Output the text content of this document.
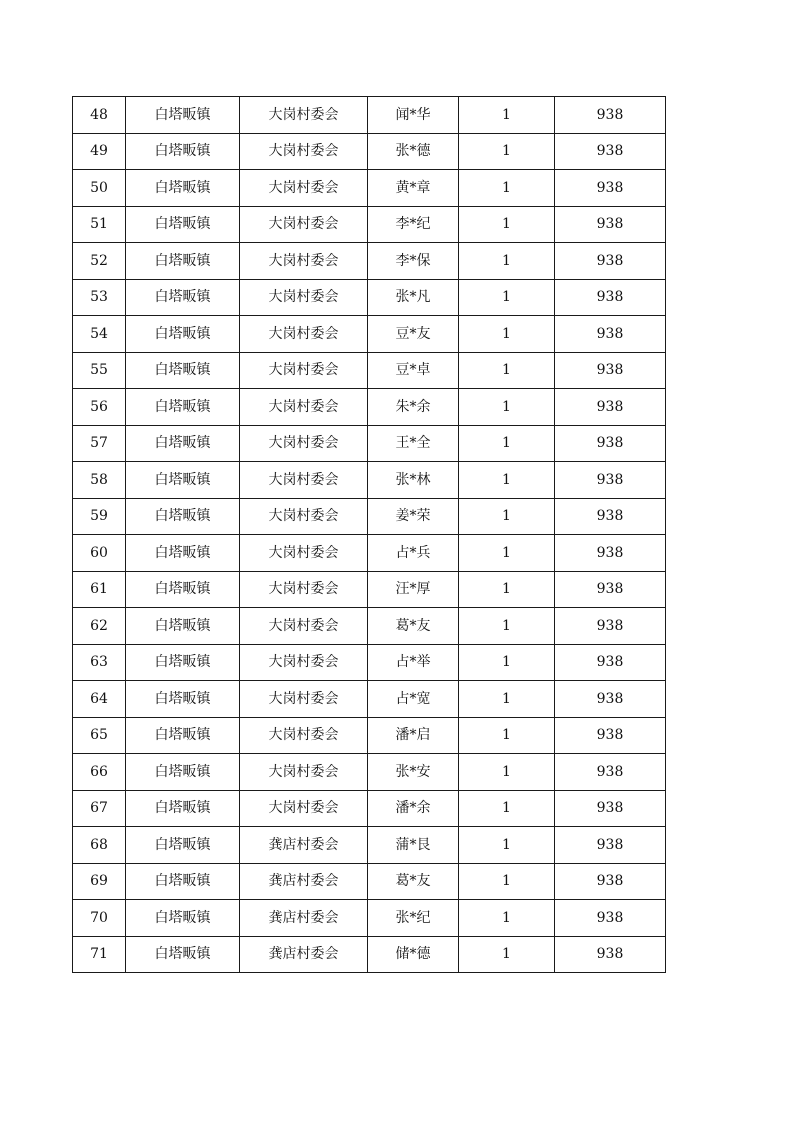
48	白塔畈镇	大岗村委会	闻*华	1	938
49	白塔畈镇	大岗村委会	张*德	1	938
50	白塔畈镇	大岗村委会	黄*章	1	938
51	白塔畈镇	大岗村委会	李*纪	1	938
52	白塔畈镇	大岗村委会	李*保	1	938
53	白塔畈镇	大岗村委会	张*凡	1	938
54	白塔畈镇	大岗村委会	豆*友	1	938
55	白塔畈镇	大岗村委会	豆*卓	1	938
56	白塔畈镇	大岗村委会	朱*余	1	938
57	白塔畈镇	大岗村委会	王*全	1	938
58	白塔畈镇	大岗村委会	张*林	1	938
59	白塔畈镇	大岗村委会	姜*荣	1	938
60	白塔畈镇	大岗村委会	占*兵	1	938
61	白塔畈镇	大岗村委会	汪*厚	1	938
62	白塔畈镇	大岗村委会	葛*友	1	938
63	白塔畈镇	大岗村委会	占*举	1	938
64	白塔畈镇	大岗村委会	占*宽	1	938
65	白塔畈镇	大岗村委会	潘*启	1	938
66	白塔畈镇	大岗村委会	张*安	1	938
67	白塔畈镇	大岗村委会	潘*余	1	938
68	白塔畈镇	龚店村委会	蒲*艮	1	938
69	白塔畈镇	龚店村委会	葛*友	1	938
70	白塔畈镇	龚店村委会	张*纪	1	938
71	白塔畈镇	龚店村委会	储*德	1	938
